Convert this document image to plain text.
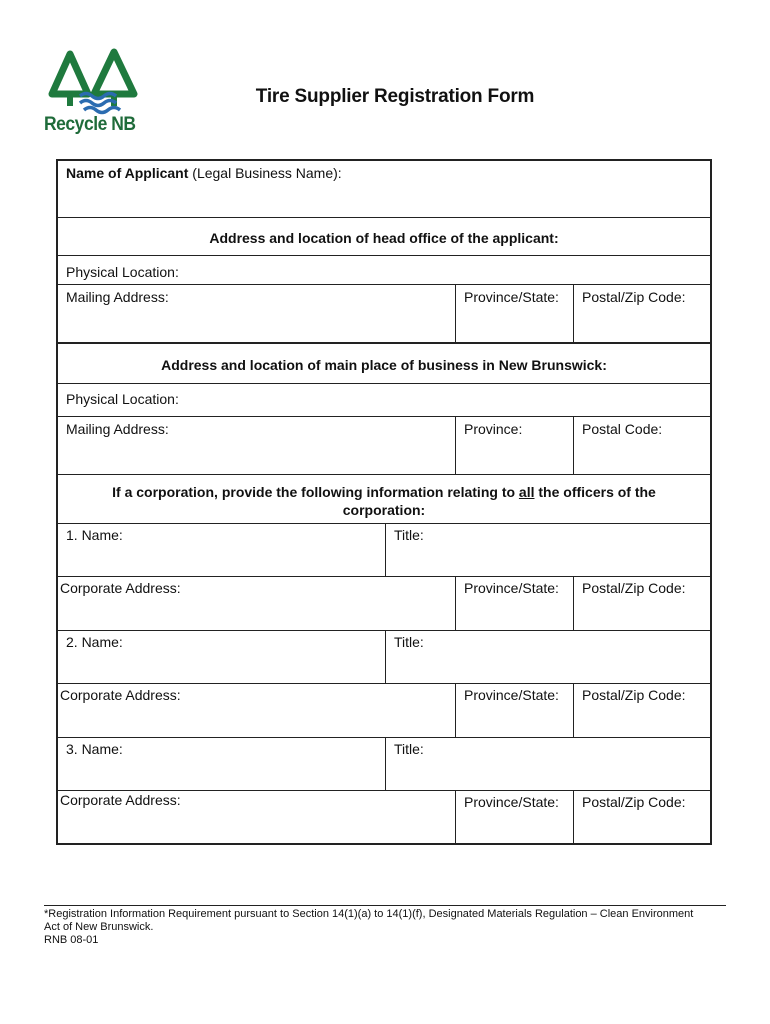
Recycle NB
Tire Supplier Registration Form
Name of Applicant (Legal Business Name):
Address and location of head office of the applicant:
Physical Location:
Mailing Address:	Province/State:	Postal/Zip Code:
Address and location of main place of business in New Brunswick:
Physical Location:
Mailing Address:	Province:	Postal Code:
If a corporation, provide the following information relating to all the officers of the corporation:
1. Name:	Title:
Corporate Address:	Province/State:	Postal/Zip Code:
2. Name:	Title:
Corporate Address:	Province/State:	Postal/Zip Code:
3. Name:	Title:
Corporate Address:	Province/State:	Postal/Zip Code:
*Registration Information Requirement pursuant to Section 14(1)(a) to 14(1)(f), Designated Materials Regulation – Clean Environment Act of New Brunswick.
RNB 08-01
